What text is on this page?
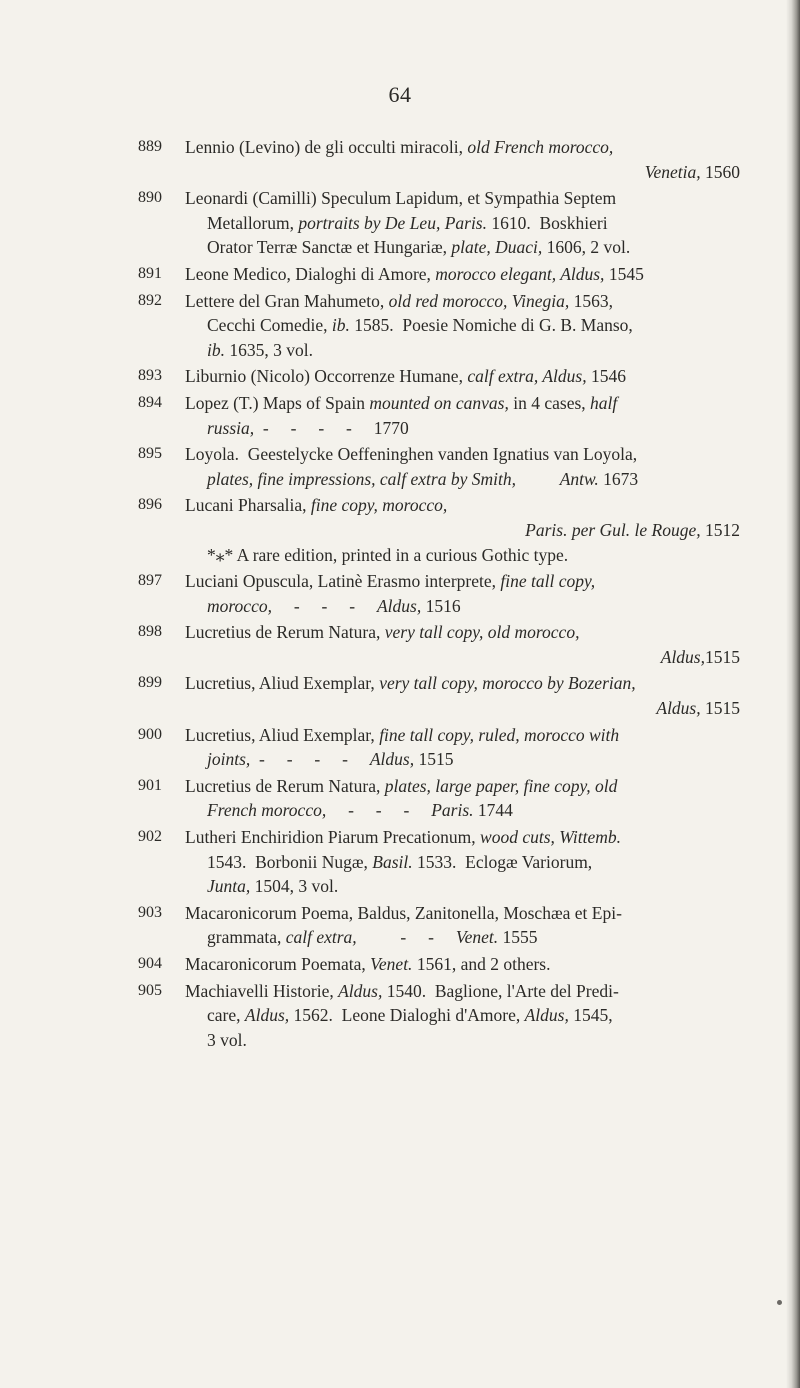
64
889 Lennio (Levino) de gli occulti miracoli, old French morocco,
Venetia, 1560
890 Leonardi (Camilli) Speculum Lapidum, et Sympathia Septem
Metallorum, portraits by De Leu, Paris. 1610.  Boskhieri
Orator Terræ Sanctæ et Hungariæ, plate, Duaci, 1606, 2 vol.
891 Leone Medico, Dialoghi di Amore, morocco elegant, Aldus, 1545
892 Lettere del Gran Mahumeto, old red morocco, Vinegia, 1563,
Cecchi Comedie, ib. 1585.  Poesie Nomiche di G. B. Manso,
ib. 1635, 3 vol.
893 Liburnio (Nicolo) Occorrenze Humane, calf extra, Aldus, 1546
894 Lopez (T.) Maps of Spain mounted on canvas, in 4 cases, half
russia,  -     -     -     -     1770
895 Loyola.  Geestelycke Oeffeninghen vanden Ignatius van Loyola,
plates, fine impressions, calf extra by Smith,	Antw. 1673
896 Lucani Pharsalia, fine copy, morocco,
Paris. per Gul. le Rouge, 1512
*⁎* A rare edition, printed in a curious Gothic type.
897 Luciani Opuscula, Latinè Erasmo interprete, fine tall copy,
morocco,     -     -     -     Aldus, 1516
898 Lucretius de Rerum Natura, very tall copy, old morocco,
Aldus,1515
899 Lucretius, Aliud Exemplar, very tall copy, morocco by Bozerian,
Aldus, 1515
900 Lucretius, Aliud Exemplar, fine tall copy, ruled, morocco with
joints,  -     -     -     -     Aldus, 1515
901 Lucretius de Rerum Natura, plates, large paper, fine copy, old
French morocco,     -     -     -     Paris. 1744
902 Lutheri Enchiridion Piarum Precationum, wood cuts, Wittemb.
1543.  Borbonii Nugæ, Basil. 1533.  Eclogæ Variorum,
Junta, 1504, 3 vol.
903 Macaronicorum Poema, Baldus, Zanitonella, Moschæa et Epi-
grammata, calf extra,          -     -     Venet. 1555
904 Macaronicorum Poemata, Venet. 1561, and 2 others.
905 Machiavelli Historie, Aldus, 1540.  Baglione, l'Arte del Predi-
care, Aldus, 1562.  Leone Dialoghi d'Amore, Aldus, 1545,
3 vol.
